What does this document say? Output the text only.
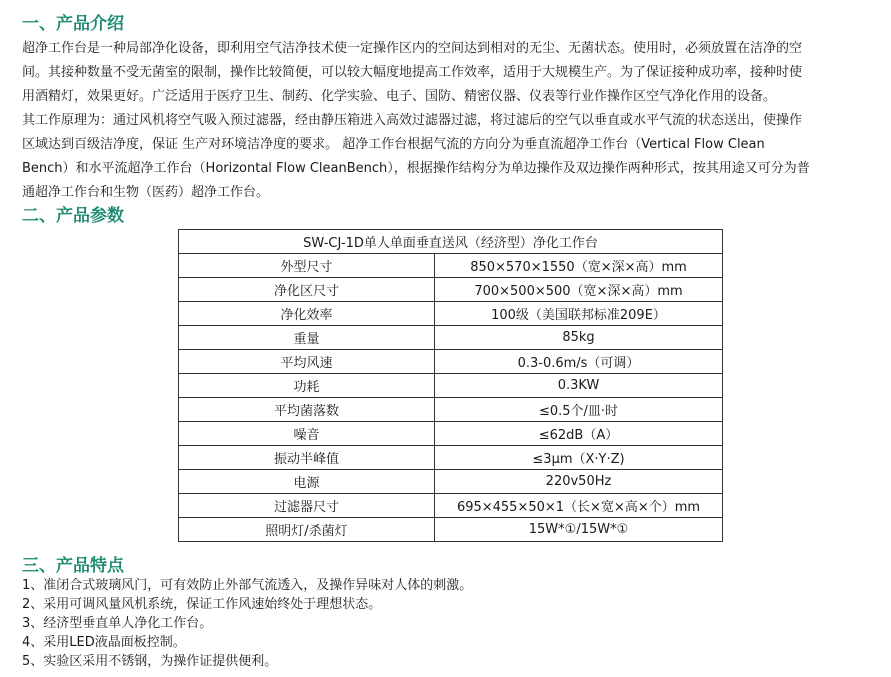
一、产品介绍
超净工作台是一种局部净化设备，即利用空气洁净技术使一定操作区内的空间达到相对的无尘、无菌状态。使用时，必须放置在洁净的空
间。其接种数量不受无菌室的限制，操作比较简便，可以较大幅度地提高工作效率，适用于大规模生产。为了保证接种成功率，接种时使
用酒精灯，效果更好。广泛适用于医疗卫生、制药、化学实验、电子、国防、精密仪器、仪表等行业作操作区空气净化作用的设备。
其工作原理为：通过风机将空气吸入预过滤器，经由静压箱进入高效过滤器过滤，将过滤后的空气以垂直或水平气流的状态送出，使操作
区域达到百级洁净度，保证 生产对环境洁净度的要求。 超净工作台根据气流的方向分为垂直流超净工作台（Vertical Flow Clean
Bench）和水平流超净工作台（Horizontal Flow CleanBench），根据操作结构分为单边操作及双边操作两种形式，按其用途又可分为普
通超净工作台和生物（医药）超净工作台。
二、产品参数
SW-CJ-1D单人单面垂直送风（经济型）净化工作台	
外型尺寸	850×570×1550（宽×深×高）mm
净化区尺寸	700×500×500（宽×深×高）mm
净化效率	100级（美国联邦标准209E）
重量	85kg
平均风速	0.3-0.6m/s（可调）
功耗	0.3KW
平均菌落数	≤0.5个/皿·时
噪音	≤62dB（A）
振动半峰值	≤3μm（X·Y·Z)
电源	220v50Hz
过滤器尺寸	695×455×50×1（长×宽×高×个）mm
照明灯/杀菌灯	15W*①/15W*①
三、产品特点
1、准闭合式玻璃风门，可有效防止外部气流透入，及操作异味对人体的刺激。
2、采用可调风量风机系统，保证工作风速始终处于理想状态。
3、经济型垂直单人净化工作台。
4、采用LED液晶面板控制。
5、实验区采用不锈钢，为操作证提供便利。
